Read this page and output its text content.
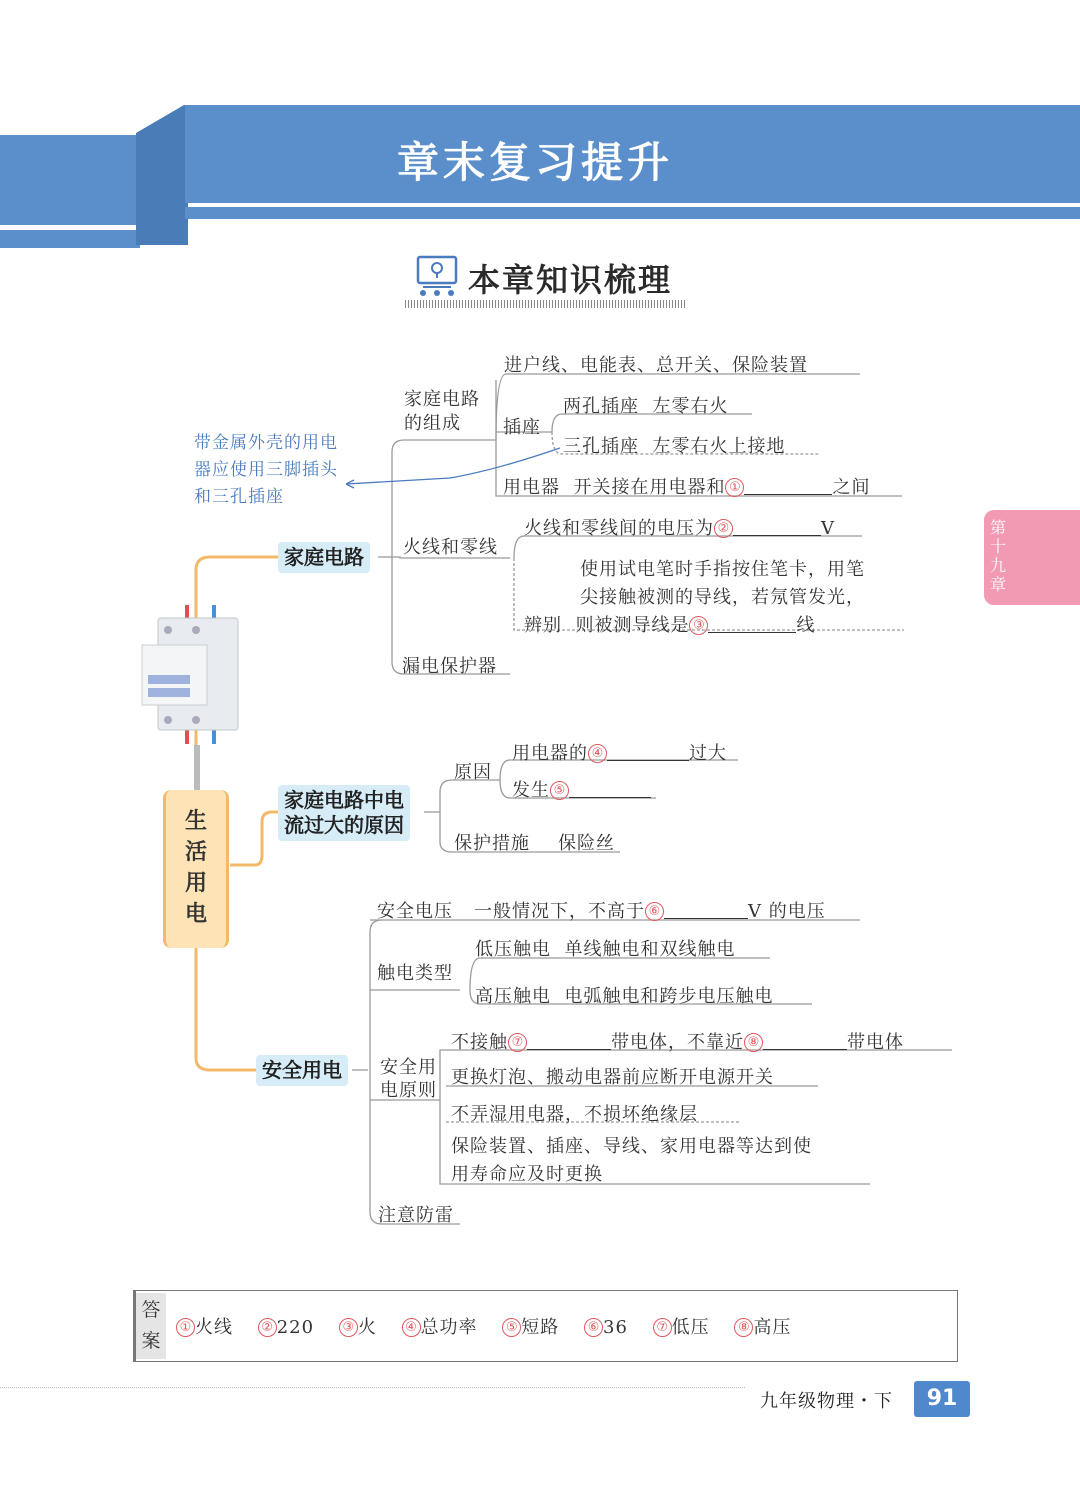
章末复习提升
本章知识梳理
第十九章
生活用电
带金属外壳的用电
器应使用三脚插头
和三孔插座
家庭电路
家庭电路
的组成
进户线、电能表、总开关、保险装置
插座
两孔插座 左零右火
三孔插座 左零右火上接地
用电器 开关接在用电器和 ①	之间
火线和零线
火线和零线间的电压为 ②	V
使用试电笔时手指按住笔卡，用笔
尖接触被测的导线，若氖管发光，
辨别 则被测导线是 ③	线
漏电保护器
家庭电路中电
流过大的原因
原因
用电器的 ④	过大
发生 ⑤
保护措施 保险丝
安全用电
安全电压 一般情况下，不高于 ⑥	V 的电压
触电类型
低压触电 单线触电和双线触电
高压触电 电弧触电和跨步电压触电
安全用
电原则
不接触 ⑦	带电体，不靠近 ⑧	带电体
更换灯泡、搬动电器前应断开电源开关
不弄湿用电器，不损坏绝缘层
保险装置、插座、导线、家用电器等达到使
用寿命应及时更换
注意防雷
答
案
① 火线 ② 220 ③ 火 ④ 总功率 ⑤ 短路 ⑥ 36 ⑦ 低压 ⑧ 高压
九年级物理・下	91
